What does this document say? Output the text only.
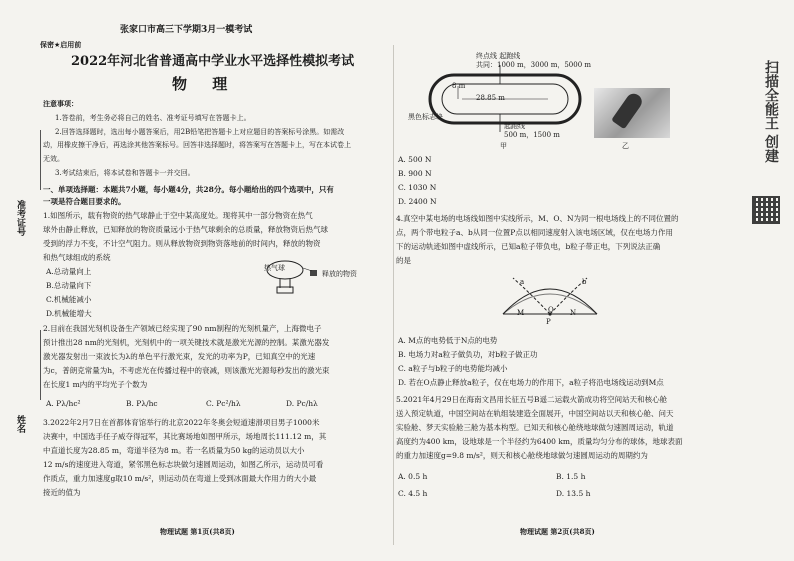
张家口市高三下学期3月一模考试
保密★启用前
2022年河北省普通高中学业水平选择性模拟考试
物 理
准考证号
姓名
扫描全能王 创建
注意事项：
1.答卷前，考生务必将自己的姓名、准考证号填写在答题卡上。
2.回答选择题时，选出每小题答案后，用2B铅笔把答题卡上对应题目的答案标号涂黑。如需改
动，用橡皮擦干净后，再选涂其他答案标号。回答非选择题时，将答案写在答题卡上，写在本试卷上
无效。
3.考试结束后，将本试卷和答题卡一并交回。
一、单项选择题：本题共7小题，每小题4分，共28分。每小题给出的四个选项中，只有
一项是符合题目要求的。
1.如图所示，载有物资的热气球静止于空中某高度处。现将其中一部分物资在热气
球外由静止释放，已知释放的物资质量远小于热气球剩余的总质量，释放物资后热气球
受到的浮力不变，不计空气阻力。则从释放物资到物资落地前的时间内，释放的物资
和热气球组成的系统
热气球
释放的物资
A.总动量向上
B.总动量向下
C.机械能减小
D.机械能增大
2.目前在我国光刻机设备生产领域已经实现了90 nm制程的光刻机量产，上海微电子
预计推出28 nm的光刻机，光刻机中的一项关键技术就是激光光源的控制。某激光器发
激光器发射出一束波长为λ的单色平行激光束，发光的功率为P，已知真空中的光速
为c，普朗克常量为h，不考虑光在传播过程中的衰减，则该激光光源每秒发出的激光束
在长度1 m内的平均光子个数为
A. Pλ/hc²	B. Pλ/hc	C. Pc²/hλ	D. Pc/hλ
3.2022年2月7日在首都体育馆举行的北京2022年冬奥会短道速滑项目男子1000米
决赛中，中国选手任子威夺得冠军，其比赛场地如图甲所示，场地周长111.12 m，其
中直道长度为28.85 m，弯道半径为8 m。若一名质量为50 kg的运动员以大小
12 m/s的速度进入弯道，紧邻黑色标志块做匀速圆周运动，如图乙所示，运动员可看
作质点，重力加速度g取10 m/s²，则运动员在弯道上受到冰面最大作用力的大小最
接近的值为
物理试题 第1页(共8页)
终点线 起跑线
共同：1000 m，3000 m，5000 m
28.85 m
8 m
黑色标志块
起跑线
500 m，1500 m
甲	乙
A. 500 N
B. 900 N
C. 1030 N
D. 2400 N
4.真空中某电场的电场线如图中实线所示，M、O、N为同一根电场线上的不同位置的
点，两个带电粒子a、b从同一位置P点以相同速度射入该电场区域，仅在电场力作用
下的运动轨迹如图中虚线所示，已知a粒子带负电，b粒子带正电，下列说法正确
的是
a	b
M	O N
P
A. M点的电势低于N点的电势
B. 电场力对a粒子做负功，对b粒子做正功
C. a粒子与b粒子的电势能均减小
D. 若在O点静止释放a粒子，仅在电场力的作用下，a粒子将沿电场线运动到M点
5.2021年4月29日在海南文昌用长征五号B遥二运载火箭成功将空间站天和核心舱
送入预定轨道，中国空间站在轨组装建造全面展开，中国空间站以天和核心舱、问天
实验舱、梦天实验舱三舱为基本构型。已知天和核心舱绕地球做匀速圆周运动，轨道
高度约为400 km，设地球是一个半径约为6400 km，质量均匀分布的球体，地球表面
的重力加速度g=9.8 m/s²，则天和核心舱绕地球做匀速圆周运动的周期约为
A. 0.5 h	B. 1.5 h
C. 4.5 h	D. 13.5 h
物理试题 第2页(共8页)
